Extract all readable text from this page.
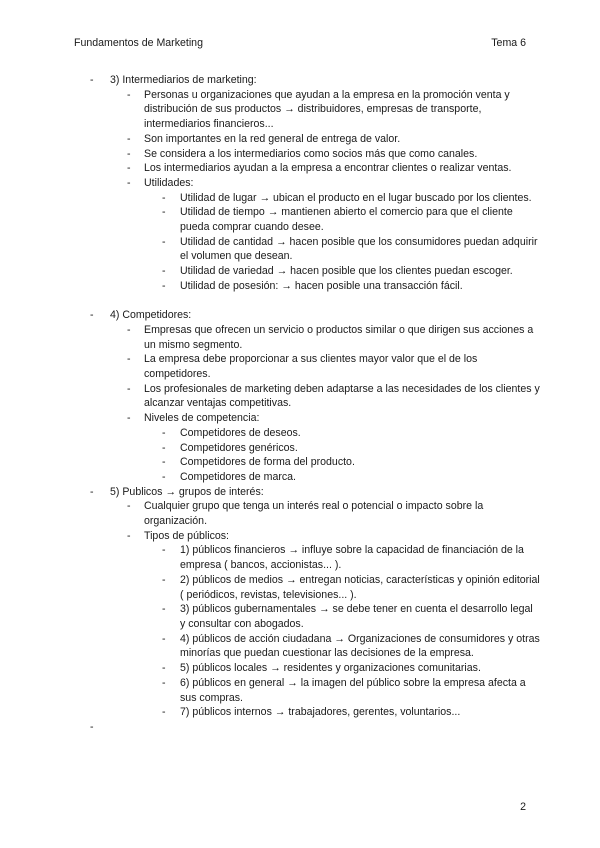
Fundamentos de Marketing	Tema 6
- 3) Intermediarios de marketing:
- Personas u organizaciones que ayudan a la empresa en la promoción venta y distribución de sus productos → distribuidores, empresas de transporte, intermediarios financieros...
- Son importantes en la red general de entrega de valor.
- Se considera a los intermediarios como socios más que como canales.
- Los intermediarios ayudan a la empresa a encontrar clientes o realizar ventas.
- Utilidades:
- Utilidad de lugar → ubican el producto en el lugar buscado por los clientes.
- Utilidad de tiempo → mantienen abierto el comercio para que el cliente pueda comprar cuando desee.
- Utilidad de cantidad → hacen posible que los consumidores puedan adquirir el volumen que desean.
- Utilidad de variedad → hacen posible que los clientes puedan escoger.
- Utilidad de posesión: → hacen posible una transacción fácil.
- 4) Competidores:
- Empresas que ofrecen un servicio o productos similar o que dirigen sus acciones a un mismo segmento.
- La empresa debe proporcionar a sus clientes mayor valor que el de los competidores.
- Los profesionales de marketing deben adaptarse a las necesidades de los clientes y alcanzar ventajas competitivas.
- Niveles de competencia:
- Competidores de deseos.
- Competidores genéricos.
- Competidores de forma del producto.
- Competidores de marca.
- 5) Publicos → grupos de interés:
- Cualquier grupo que tenga un interés real o potencial o impacto sobre la organización.
- Tipos de públicos:
- 1) públicos financieros → influye sobre la capacidad de financiación de la empresa ( bancos, accionistas... ).
- 2) públicos de medios → entregan noticias, características y opinión editorial ( periódicos, revistas, televisiones... ).
- 3) públicos gubernamentales → se debe tener en cuenta el desarrollo legal y consultar con abogados.
- 4) públicos de acción ciudadana → Organizaciones de consumidores y otras minorías que puedan cuestionar las decisiones de la empresa.
- 5) públicos locales → residentes y organizaciones comunitarias.
- 6) públicos en general → la imagen del público sobre la empresa afecta a sus compras.
- 7) públicos internos → trabajadores, gerentes, voluntarios...
-

2
